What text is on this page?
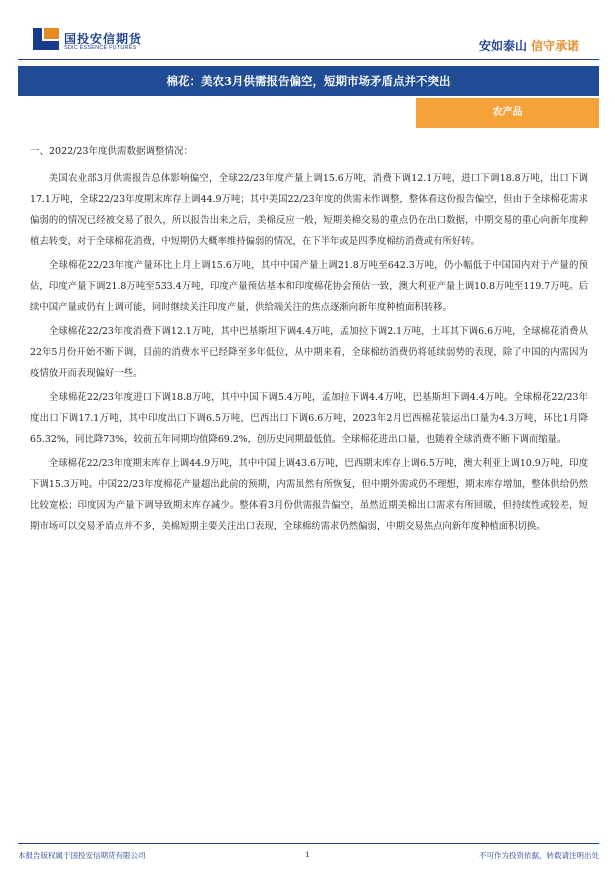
国投安信期货
SDIC ESSENCE FUTURES	安如泰山 信守承诺
棉花：美农3月供需报告偏空，短期市场矛盾点并不突出
农产品
一、2022/23年度供需数据调整情况：

美国农业部3月供需报告总体影响偏空，全球22/23年度产量上调15.6万吨，消费下调12.1万吨，进口下调18.8万吨，出口下调17.1万吨，全球22/23年度期末库存上调44.9万吨；其中美国22/23年度的供需未作调整，整体看这份报告偏空，但由于全球棉花需求偏弱的的情况已经被交易了很久，所以报告出来之后，美棉反应一般，短期美棉交易的重点仍在出口数据，中期交易的重心向新年度种植去转变，对于全球棉花消费，中短期仍大概率维持偏弱的情况，在下半年或是四季度棉纺消费或有所好转。

全球棉花22/23年度产量环比上月上调15.6万吨，其中中国产量上调21.8万吨至642.3万吨，仍小幅低于中国国内对于产量的预估，印度产量下调21.8万吨至533.4万吨，印度产量预估基本和印度棉花协会预估一致，澳大利亚产量上调10.8万吨至119.7万吨。后续中国产量或仍有上调可能，同时继续关注印度产量，供给端关注的焦点逐渐向新年度种植面积转移。

全球棉花22/23年度消费下调12.1万吨，其中巴基斯坦下调4.4万吨，孟加拉下调2.1万吨，土耳其下调6.6万吨，全球棉花消费从22年5月份开始不断下调，目前的消费水平已经降至多年低位，从中期来看，全球棉纺消费仍将延续弱势的表现，除了中国的内需因为疫情放开而表现偏好一些。

全球棉花22/23年度进口下调18.8万吨，其中中国下调5.4万吨，孟加拉下调4.4万吨，巴基斯坦下调4.4万吨。全球棉花22/23年度出口下调17.1万吨，其中印度出口下调6.5万吨，巴西出口下调6.6万吨，2023年2月巴西棉花装运出口量为4.3万吨，环比1月降65.32%，同比降73%，较前五年同期均值降69.2%，创历史同期最低值。全球棉花进出口量，也随着全球消费不断下调而缩量。

全球棉花22/23年度期末库存上调44.9万吨，其中中国上调43.6万吨，巴西期末库存上调6.5万吨，澳大利亚上调10.9万吨，印度下调15.3万吨。中国22/23年度棉花产量超出此前的预期，内需虽然有所恢复，但中期外需或仍不理想，期末库存增加，整体供给仍然比较宽松；印度因为产量下调导致期末库存减少。整体看3月份供需报告偏空，虽然近期美棉出口需求有所回暖，但持续性或较差，短期市场可以交易矛盾点并不多，美棉短期主要关注出口表现，全球棉纺需求仍然偏弱，中期交易焦点向新年度种植面积切换。

本报告版权属于国投安信期货有限公司	1	不可作为投资依据，转载请注明出处
